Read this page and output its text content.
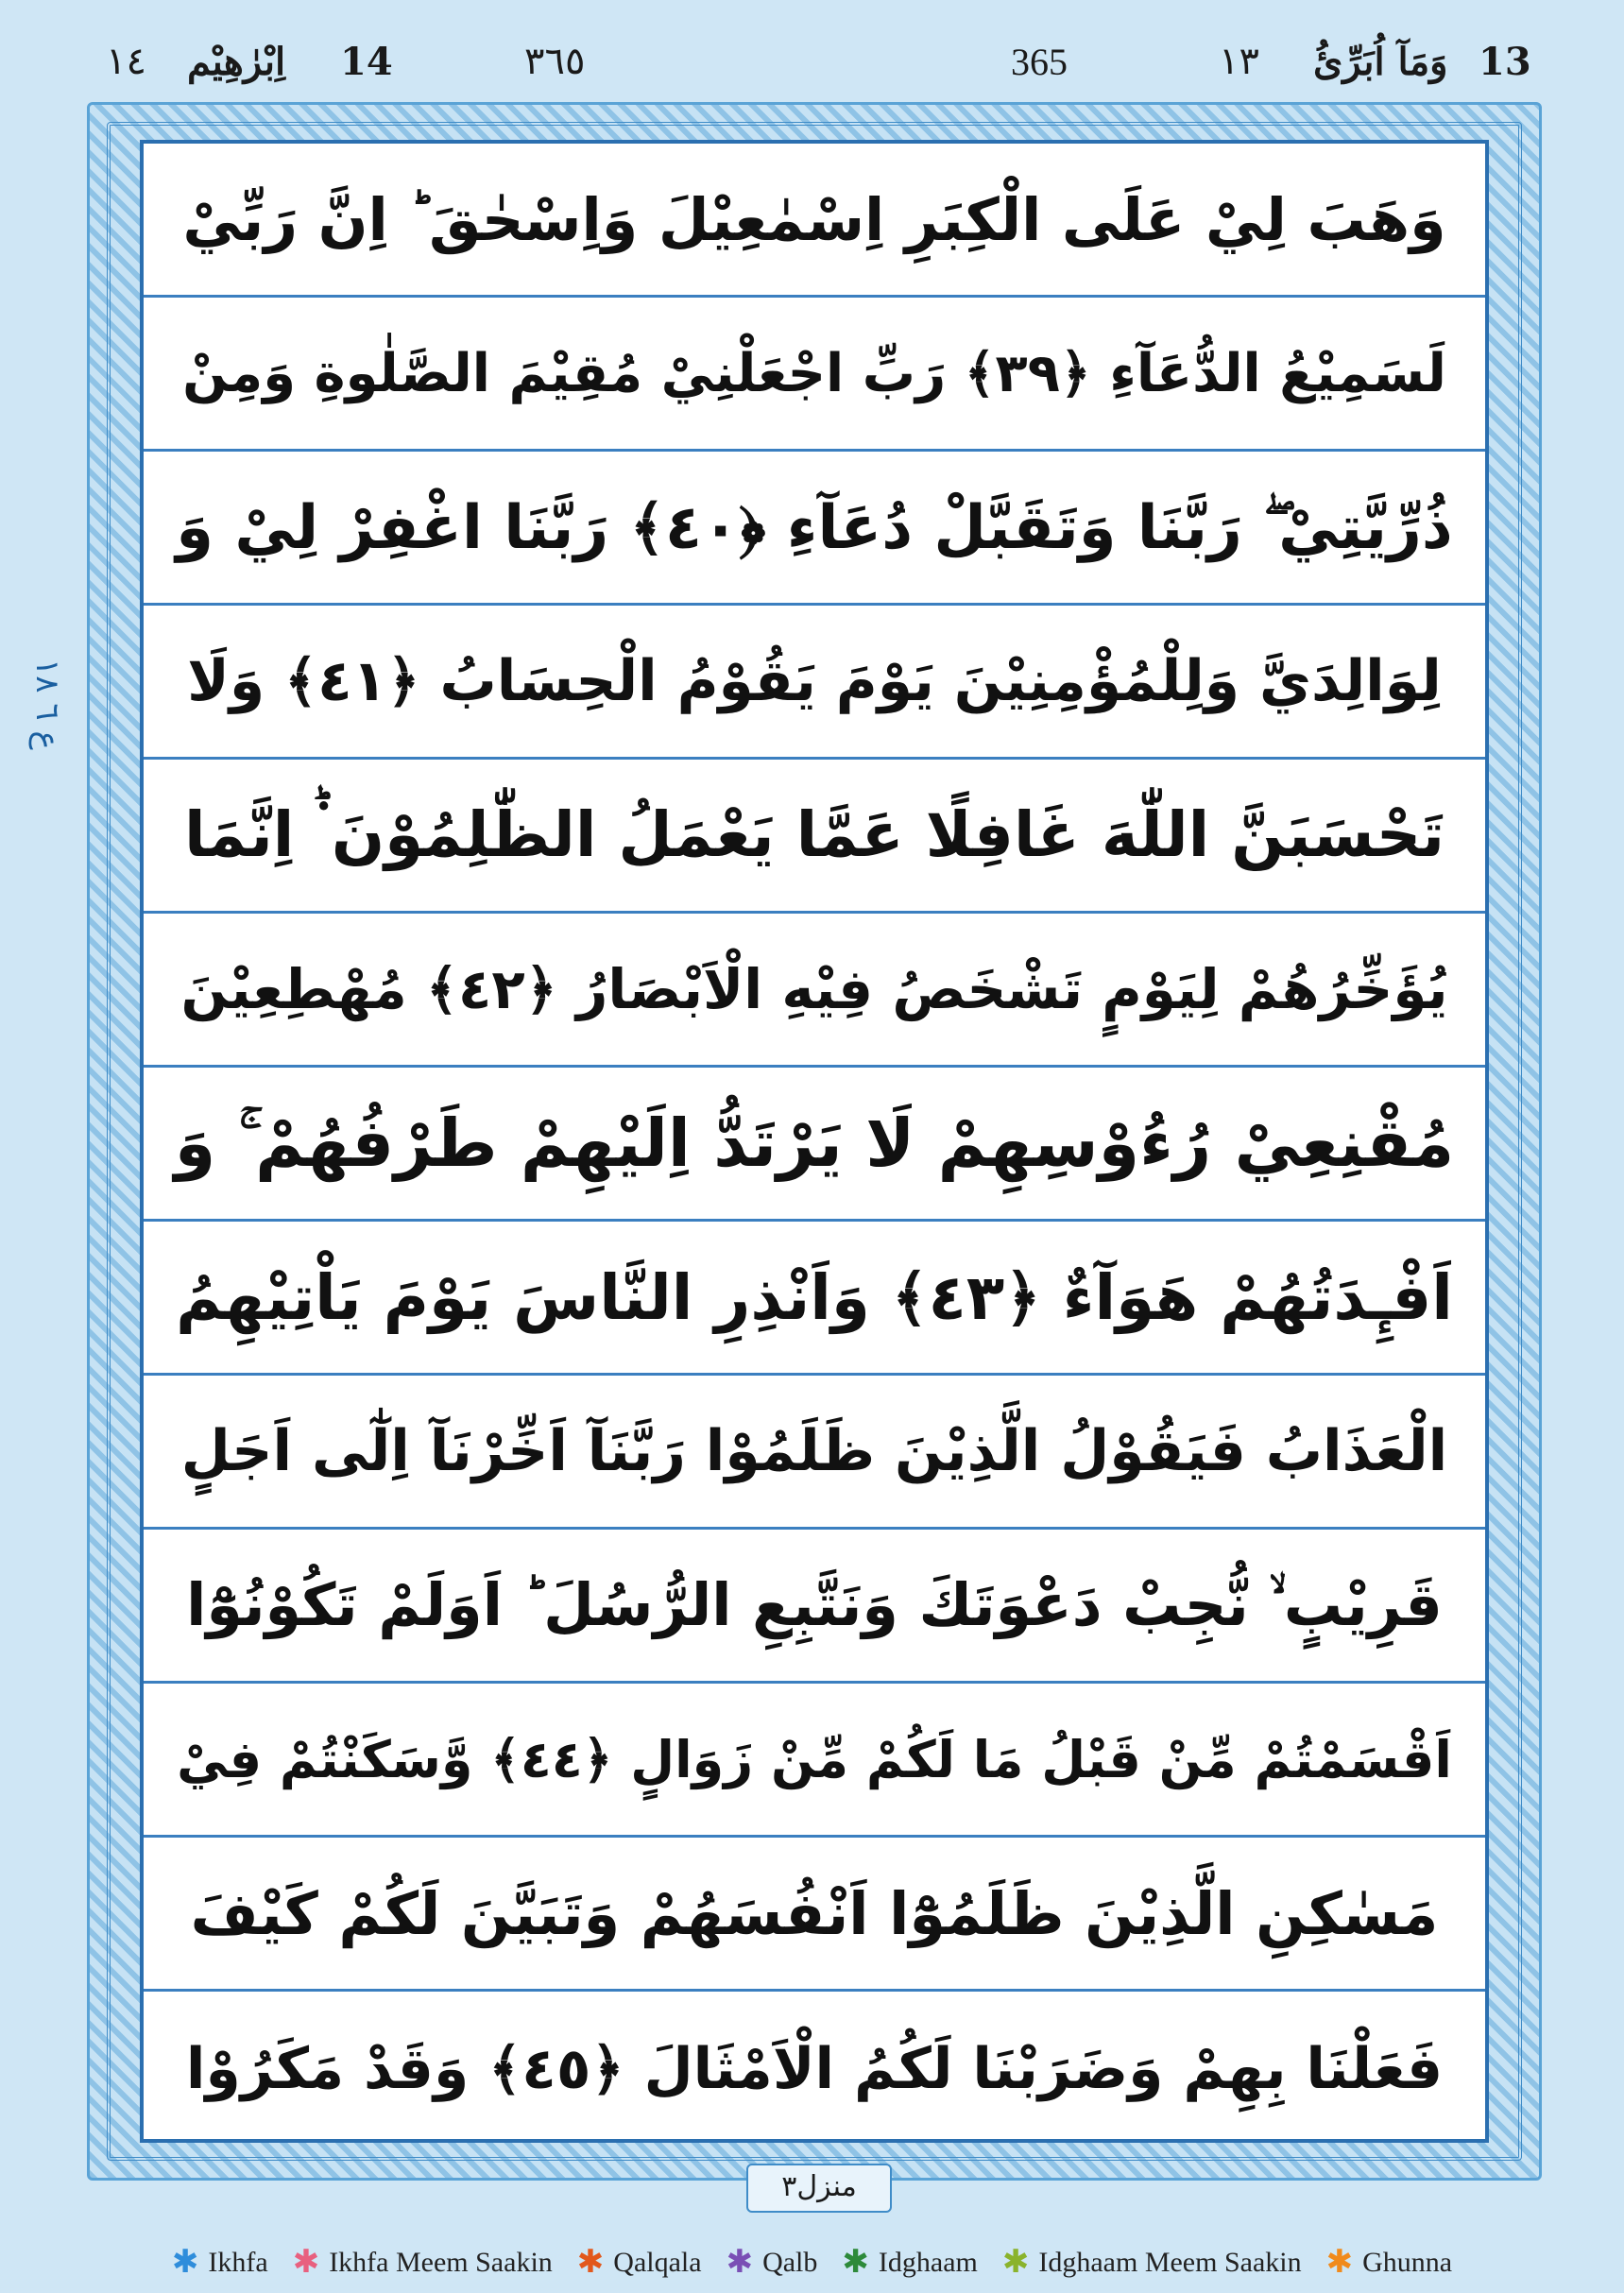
١٤ اِبْرٰهِيْم 14	٣٦٥	365	١٣ وَمَآ اُبَرِّئُ 13
ع ٦ ١٨
وَهَبَ لِيْ عَلَى الْكِبَرِ اِسْمٰعِيْلَ وَاِسْحٰقَ ؕ اِنَّ رَبِّيْ
لَسَمِيْعُ الدُّعَآءِ ﴿٣٩﴾ رَبِّ اجْعَلْنِيْ مُقِيْمَ الصَّلٰوةِ وَمِنْ
ذُرِّيَّتِيْ ۖ رَبَّنَا وَتَقَبَّلْ دُعَآءِ ﴿٤٠﴾ رَبَّنَا اغْفِرْ لِيْ وَ
لِوَالِدَيَّ وَلِلْمُؤْمِنِيْنَ يَوْمَ يَقُوْمُ الْحِسَابُ ﴿٤١﴾ وَلَا
تَحْسَبَنَّ اللّٰهَ غَافِلًا عَمَّا يَعْمَلُ الظّٰلِمُوْنَ ۬ؕ اِنَّمَا
يُؤَخِّرُهُمْ لِيَوْمٍ تَشْخَصُ فِيْهِ الْاَبْصَارُ ﴿٤٢﴾ مُهْطِعِيْنَ
مُقْنِعِيْ رُءُوْسِهِمْ لَا يَرْتَدُّ اِلَيْهِمْ طَرْفُهُمْ ۚ وَ
اَفْـِٕدَتُهُمْ هَوَآءٌ ﴿٤٣﴾ وَاَنْذِرِ النَّاسَ يَوْمَ يَاْتِيْهِمُ
الْعَذَابُ فَيَقُوْلُ الَّذِيْنَ ظَلَمُوْا رَبَّنَآ اَخِّرْنَآ اِلٰٓى اَجَلٍ
قَرِيْبٍ ۙ نُّجِبْ دَعْوَتَكَ وَنَتَّبِعِ الرُّسُلَ ؕ اَوَلَمْ تَكُوْنُوْٓا
اَقْسَمْتُمْ مِّنْ قَبْلُ مَا لَكُمْ مِّنْ زَوَالٍ ﴿٤٤﴾ وَّسَكَنْتُمْ فِيْ
مَسٰكِنِ الَّذِيْنَ ظَلَمُوْٓا اَنْفُسَهُمْ وَتَبَيَّنَ لَكُمْ كَيْفَ
فَعَلْنَا بِهِمْ وَضَرَبْنَا لَكُمُ الْاَمْثَالَ ﴿٤٥﴾ وَقَدْ مَكَرُوْا
منزل٣
✱ Ikhfa ✱ Ikhfa Meem Saakin ✱ Qalqala ✱ Qalb ✱ Idghaam ✱ Idghaam Meem Saakin ✱ Ghunna
